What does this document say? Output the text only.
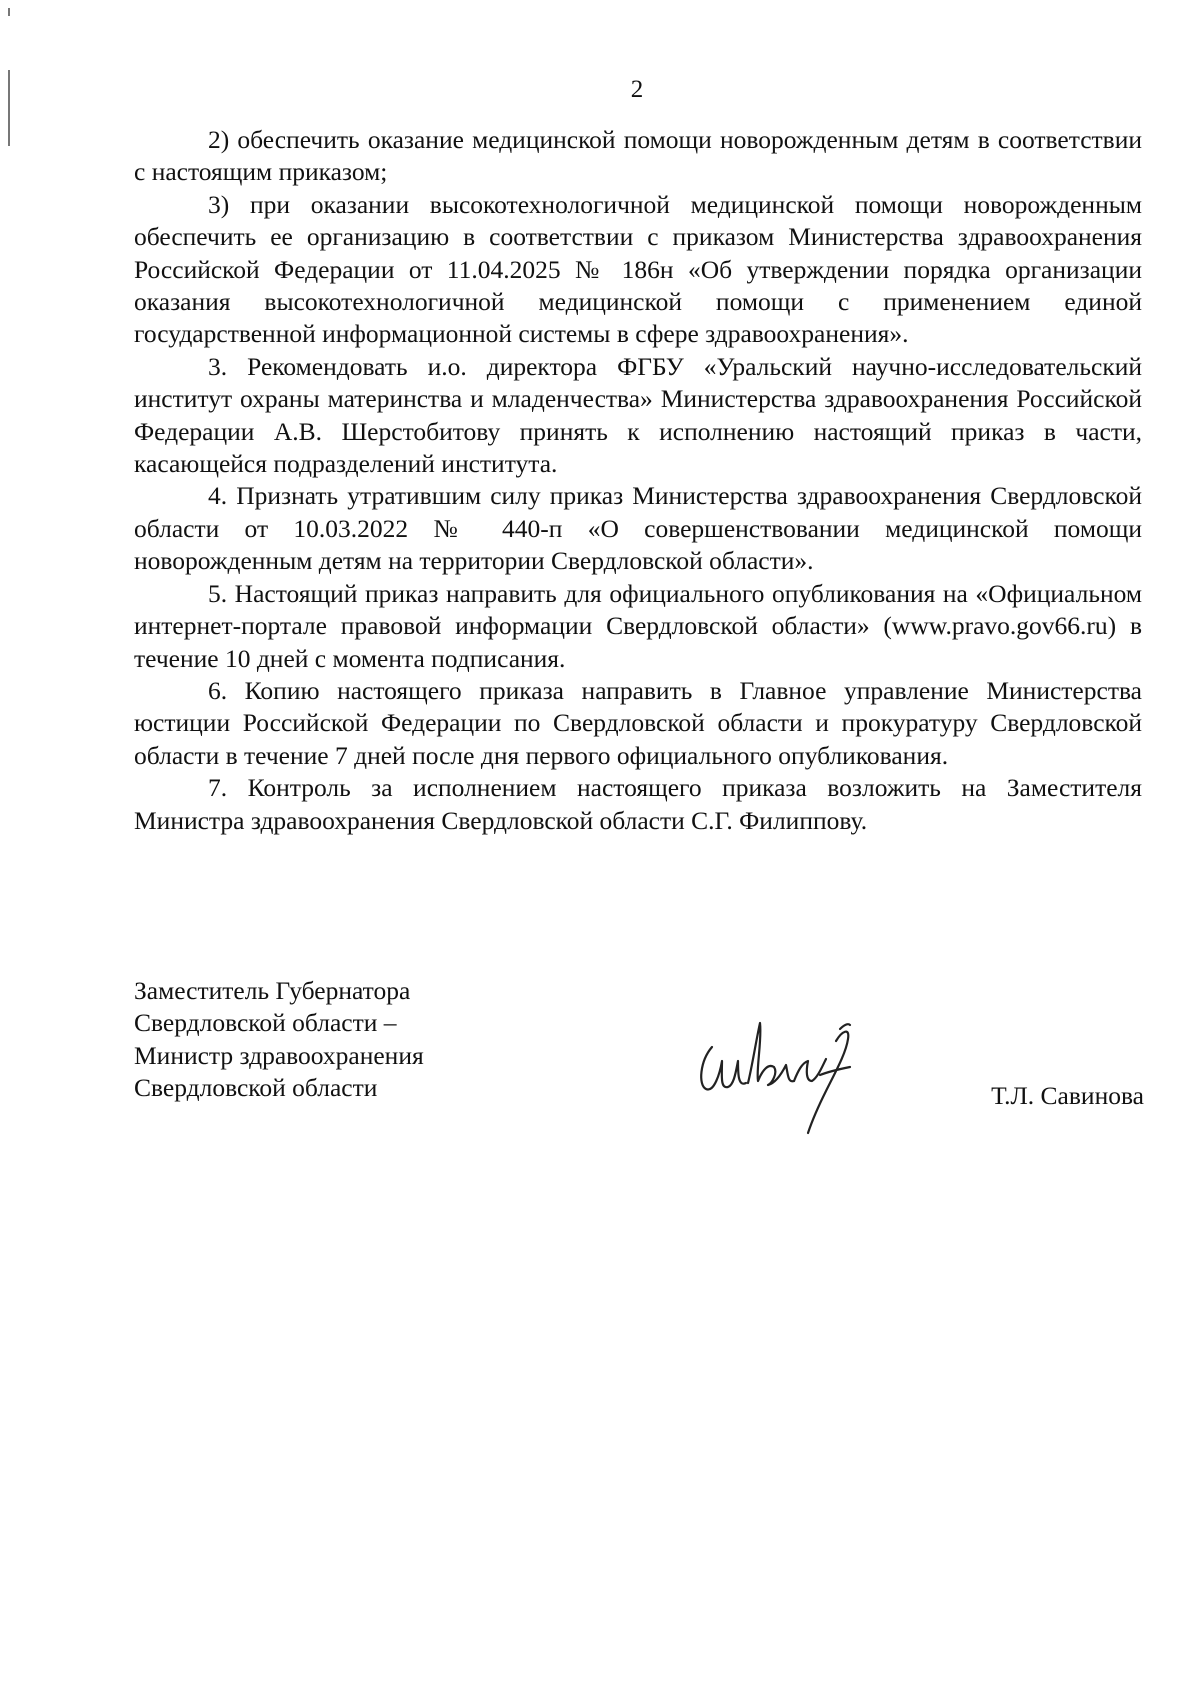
2

2) обеспечить оказание медицинской помощи новорожденным детям в соответствии с настоящим приказом;

3) при оказании высокотехнологичной медицинской помощи новорожденным обеспечить ее организацию в соответствии с приказом Министерства здравоохранения Российской Федерации от 11.04.2025 № 186н «Об утверждении порядка организации оказания высокотехнологичной медицинской помощи с применением единой государственной информационной системы в сфере здравоохранения».

3. Рекомендовать и.о. директора ФГБУ «Уральский научно-исследовательский институт охраны материнства и младенчества» Министерства здравоохранения Российской Федерации А.В. Шерстобитову принять к исполнению настоящий приказ в части, касающейся подразделений института.

4. Признать утратившим силу приказ Министерства здравоохранения Свердловской области от 10.03.2022 № 440-п «О совершенствовании медицинской помощи новорожденным детям на территории Свердловской области».

5. Настоящий приказ направить для официального опубликования на «Официальном интернет-портале правовой информации Свердловской области» (www.pravo.gov66.ru) в течение 10 дней с момента подписания.

6. Копию настоящего приказа направить в Главное управление Министерства юстиции Российской Федерации по Свердловской области и прокуратуру Свердловской области в течение 7 дней после дня первого официального опубликования.

7. Контроль за исполнением настоящего приказа возложить на Заместителя Министра здравоохранения Свердловской области С.Г. Филиппову.

Заместитель Губернатора
Свердловской области –
Министр здравоохранения
Свердловской области	Т.Л. Савинова
